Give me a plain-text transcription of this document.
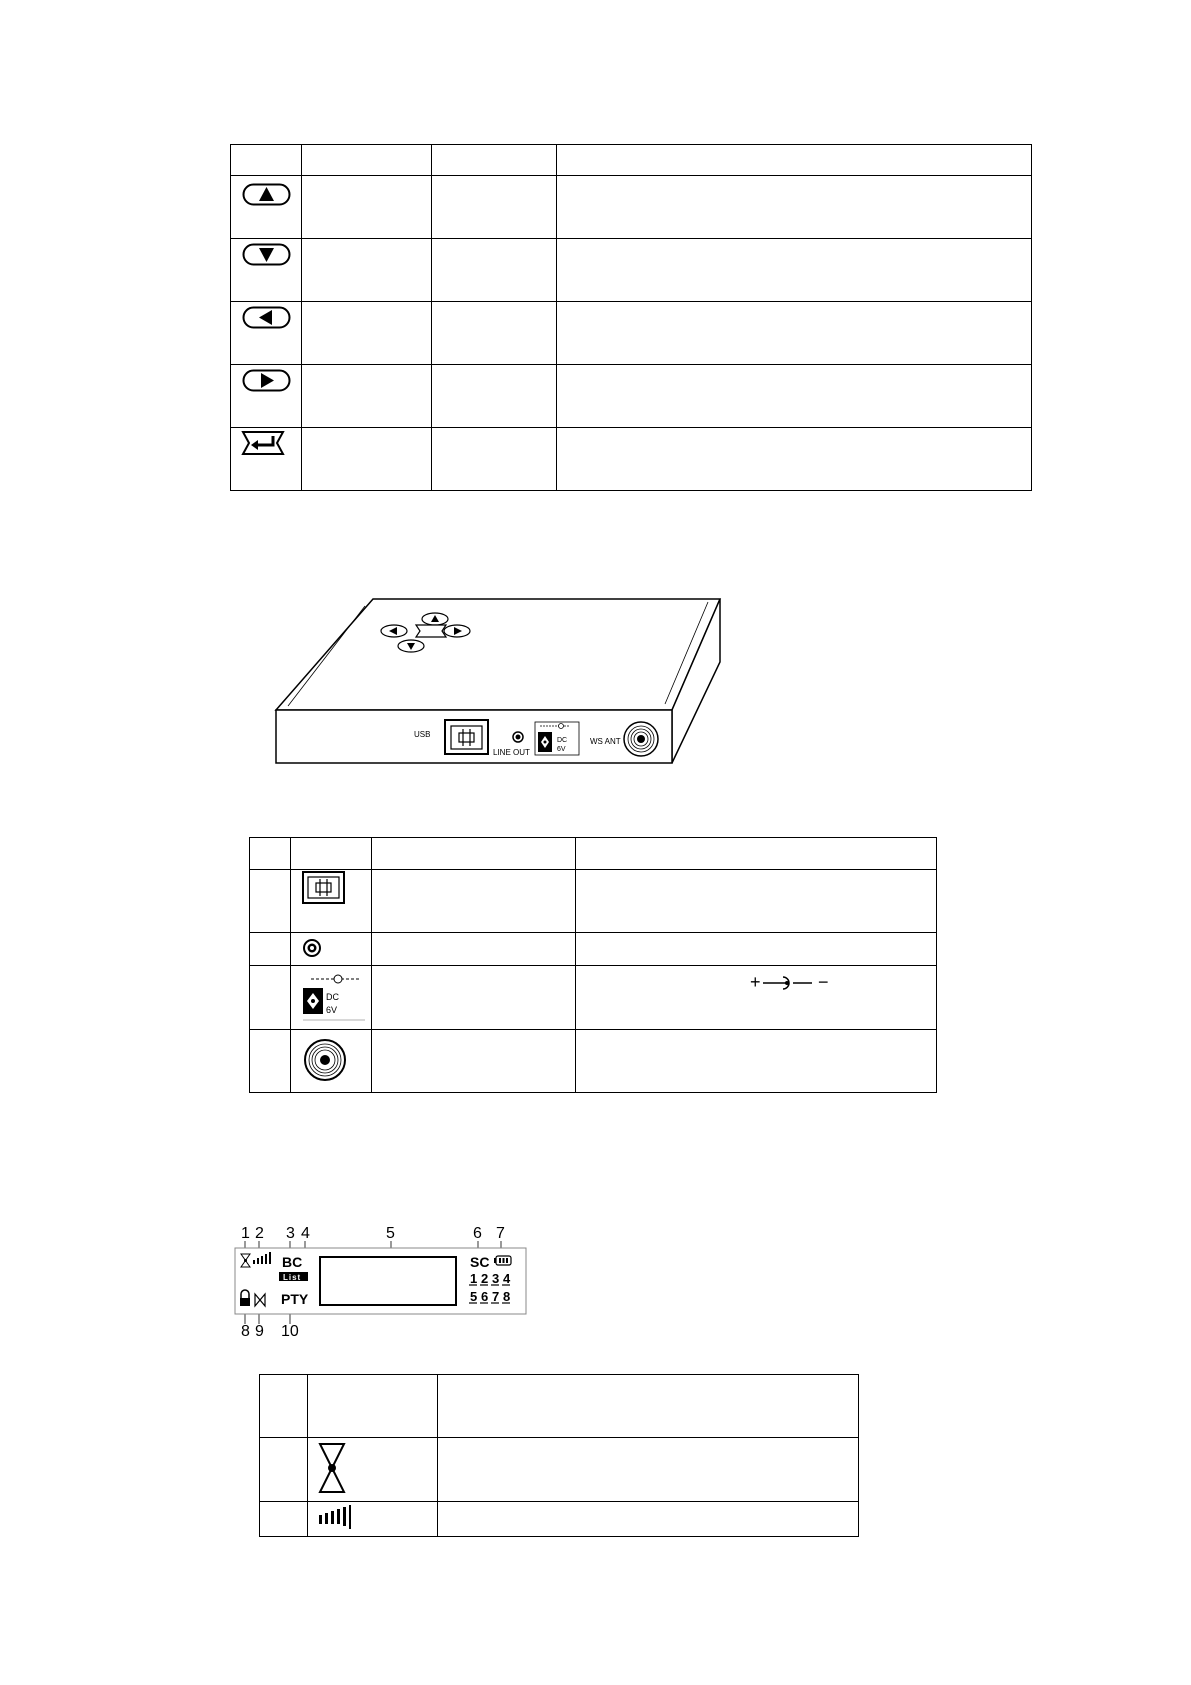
USB
LINE OUT
DC
6V
WS ANT

DC
6V		+ −

1 2 3 4	5	6 7
BC
List
PTY
SC
1 2 3 4
5 6 7 8
8 9 10
